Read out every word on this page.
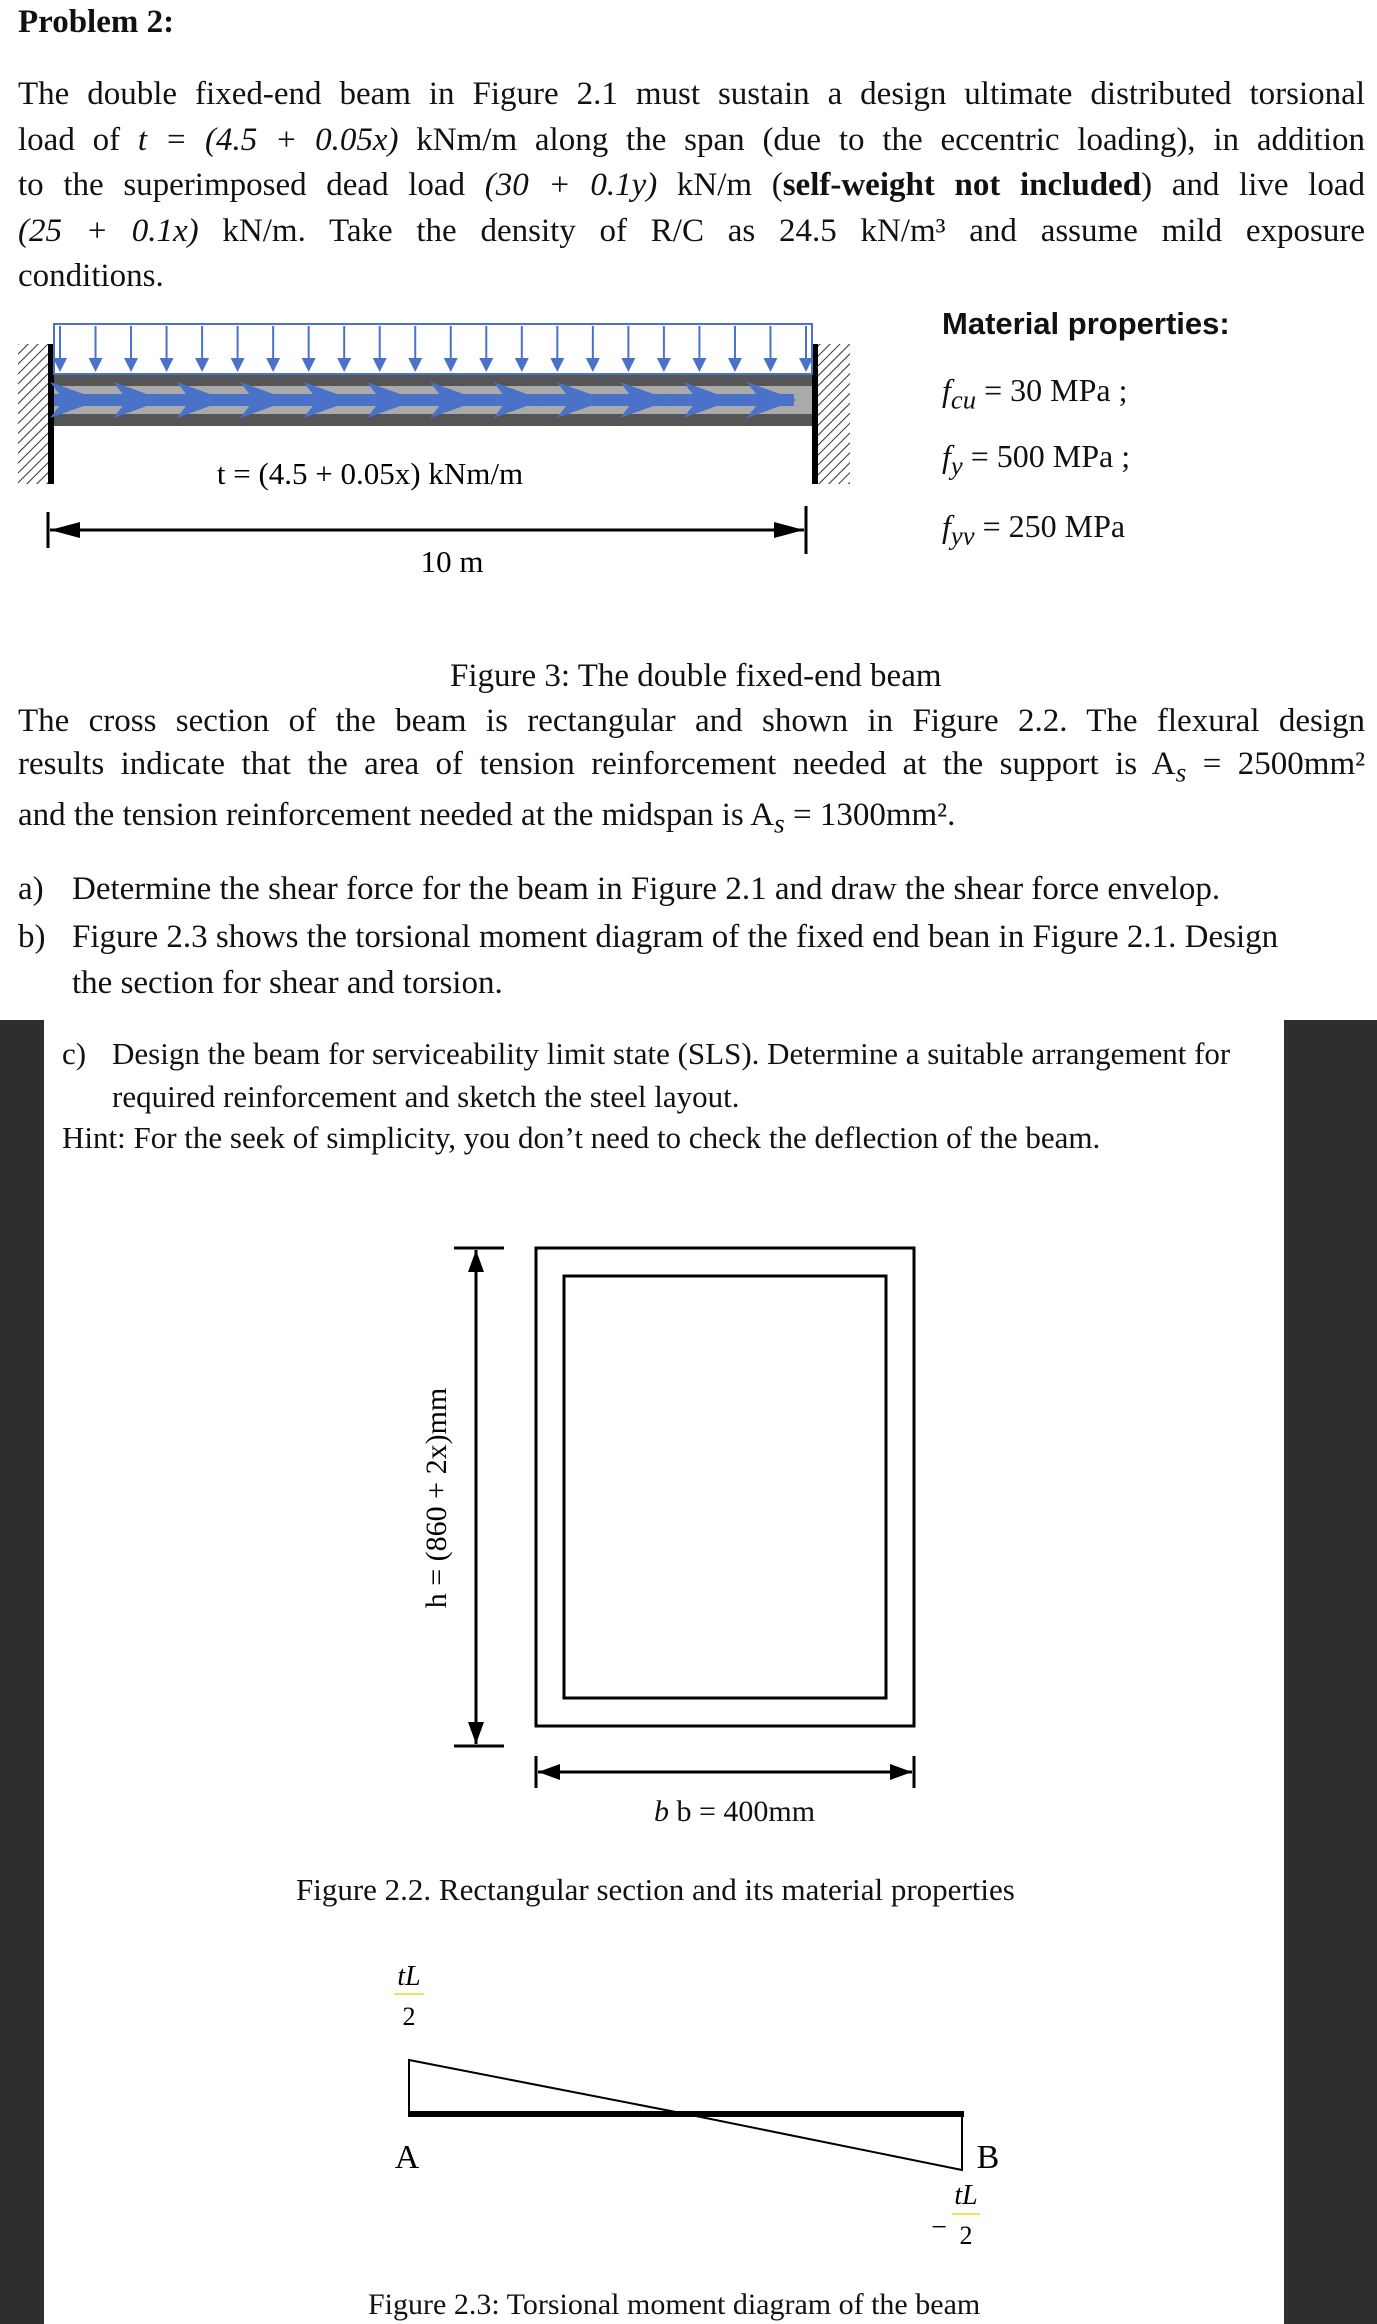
Problem 2:
The double fixed-end beam in Figure 2.1 must sustain a design ultimate distributed torsional
load of t = (4.5 + 0.05x) kNm/m along the span (due to the eccentric loading), in addition
to the superimposed dead load (30 + 0.1y) kN/m (self-weight not included) and live load
(25 + 0.1x) kN/m. Take the density of R/C as 24.5 kN/m³ and assume mild exposure
conditions.
t = (4.5 + 0.05x) kNm/m
10 m
Material properties:
$f_{cu} = 30$ MPa ;
$f_y = 500$ MPa ;
$f_{yv} = 250$ MPa
Figure 3: The double fixed-end beam
The cross section of the beam is rectangular and shown in Figure 2.2. The flexural design
results indicate that the area of tension reinforcement needed at the support is $A_s = 2500mm^2$
and the tension reinforcement needed at the midspan is $A_s = 1300mm^2$.
a) Determine the shear force for the beam in Figure 2.1 and draw the shear force envelop.
b) Figure 2.3 shows the torsional moment diagram of the fixed end bean in Figure 2.1. Design
the section for shear and torsion.
c) Design the beam for serviceability limit state (SLS). Determine a suitable arrangement for
required reinforcement and sketch the steel layout.
Hint: For the seek of simplicity, you don’t need to check the deflection of the beam.
h = (860 + 2x)mm
b b = 400mm
Figure 2.2. Rectangular section and its material properties
tL
2
A	B
−
tL
2
Figure 2.3: Torsional moment diagram of the beam
